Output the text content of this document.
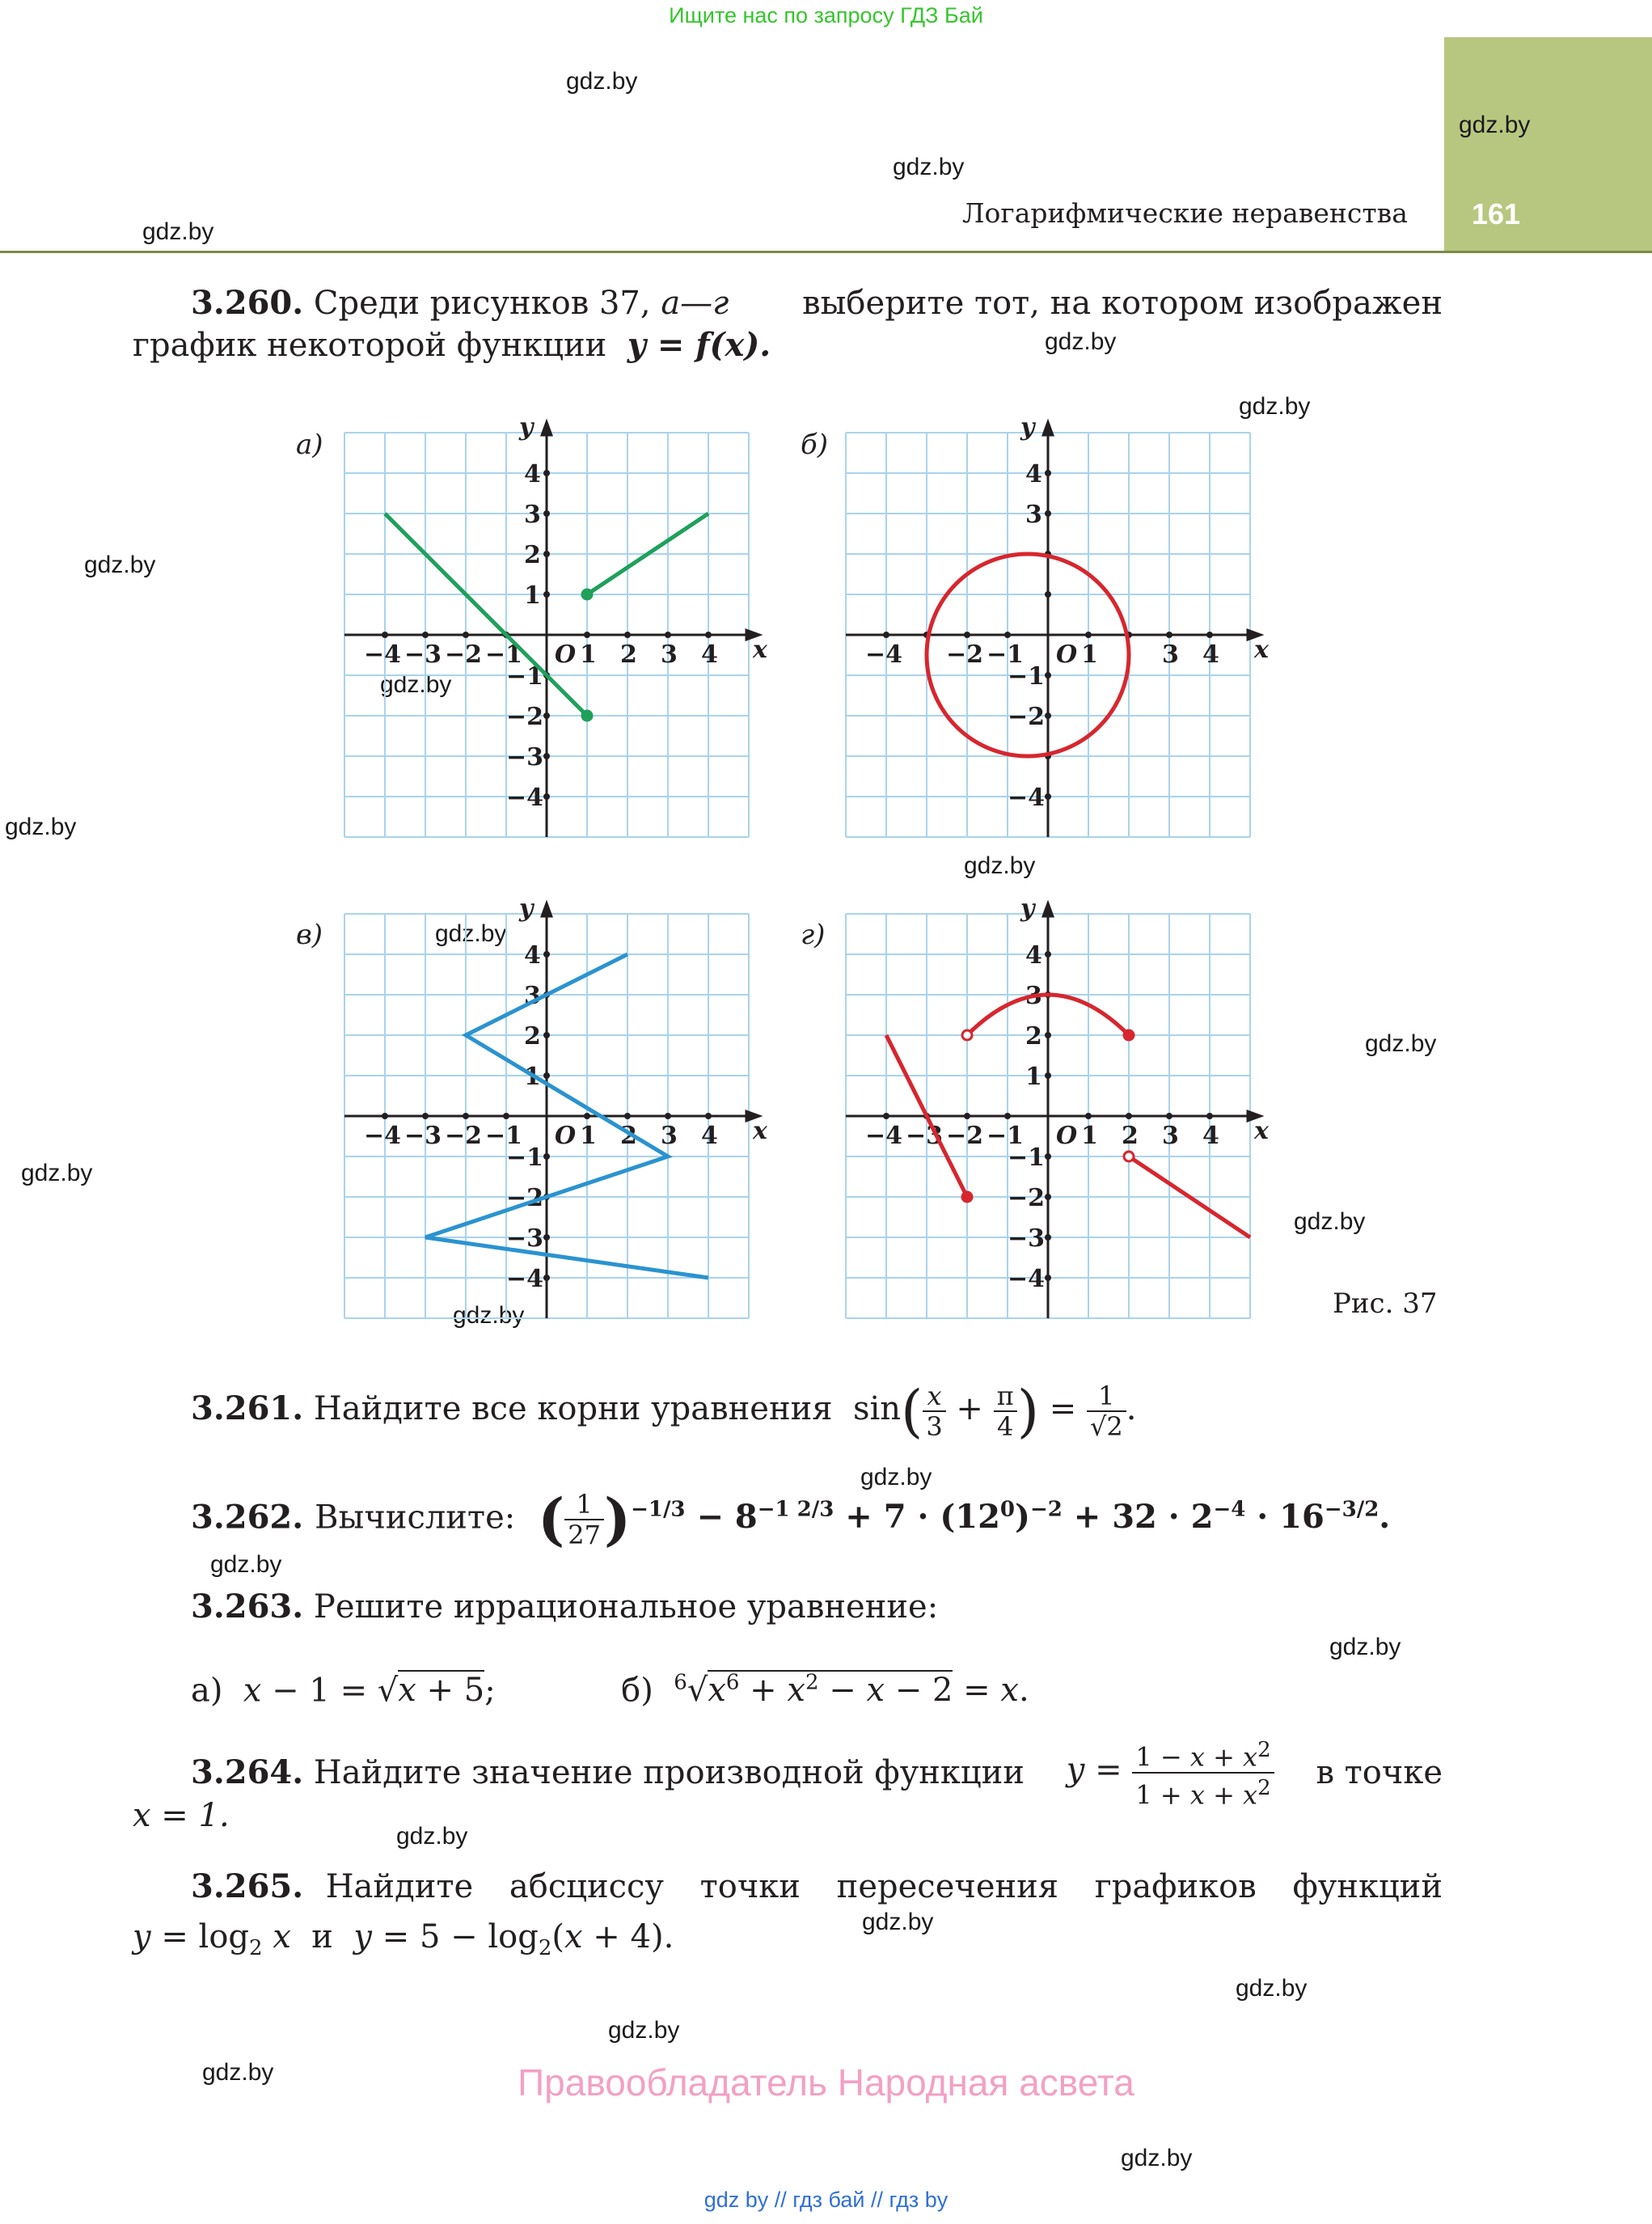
Ищите нас по запросу ГДЗ Бай
161
Логарифмические неравенства
gdz.by
gdz.by
gdz.by
gdz.by
gdz.by
gdz.by
gdz.by
gdz.by
gdz.by
gdz.by
gdz.by
gdz.by
gdz.by
gdz.by
gdz.by
gdz.by
gdz.by
gdz.by
gdz.by
gdz.by
gdz.by
gdz.by
gdz.by
gdz.by
3.260. Среди рисунков 37, а—г выберите тот, на котором изображен
график некоторой функции y = f(x).
−4 −3 −2 −1 1 2 3 4
4
3
2
1
−1
−2
−3
−4
O	x
y
−4 −2 −1 1	3 4
4
3
−1
−2
−4
O	x
y
−4 −3 −2 −1 1 2 3 4
4
3
2
1
−1
−2
−3
−4
O	x
y
−4 −3 −2 −1 1 2 3 4
4
3
2
1
−1
−2
−3
−4
O	x
y
а)	б)
в)	г)
Рис. 37
3.261. Найдите все корни уравнения  $\sin( \frac{x}{3} + \frac{\pi}{4}$ ) = $\frac{1}{√2}$ .
3.262. Вычислите: ( $\frac{1}{27} )^{-1/3} - 8^{-1 2/3} + 7 \cdot (12^0)^{-2} + 32 \cdot 2^{-4} \cdot 16^{-3/2}$.
3.263. Решите иррациональное уравнение:
а)  x − 1 = √x + 5;	б) $^6√x^6 + x^2 - x - 2 = x$.
3.264. Найдите значение производной функции $y = \frac{1 - x + x^2}{1 + x + x^2}$ в точке
x = 1.
3.265. Найдите абсциссу точки пересечения графиков функций
$y = \log_2 x$  и  $y = 5 - \log_2(x + 4)$.
Правообладатель Народная асвета
gdz by // гдз бай // гдз by
